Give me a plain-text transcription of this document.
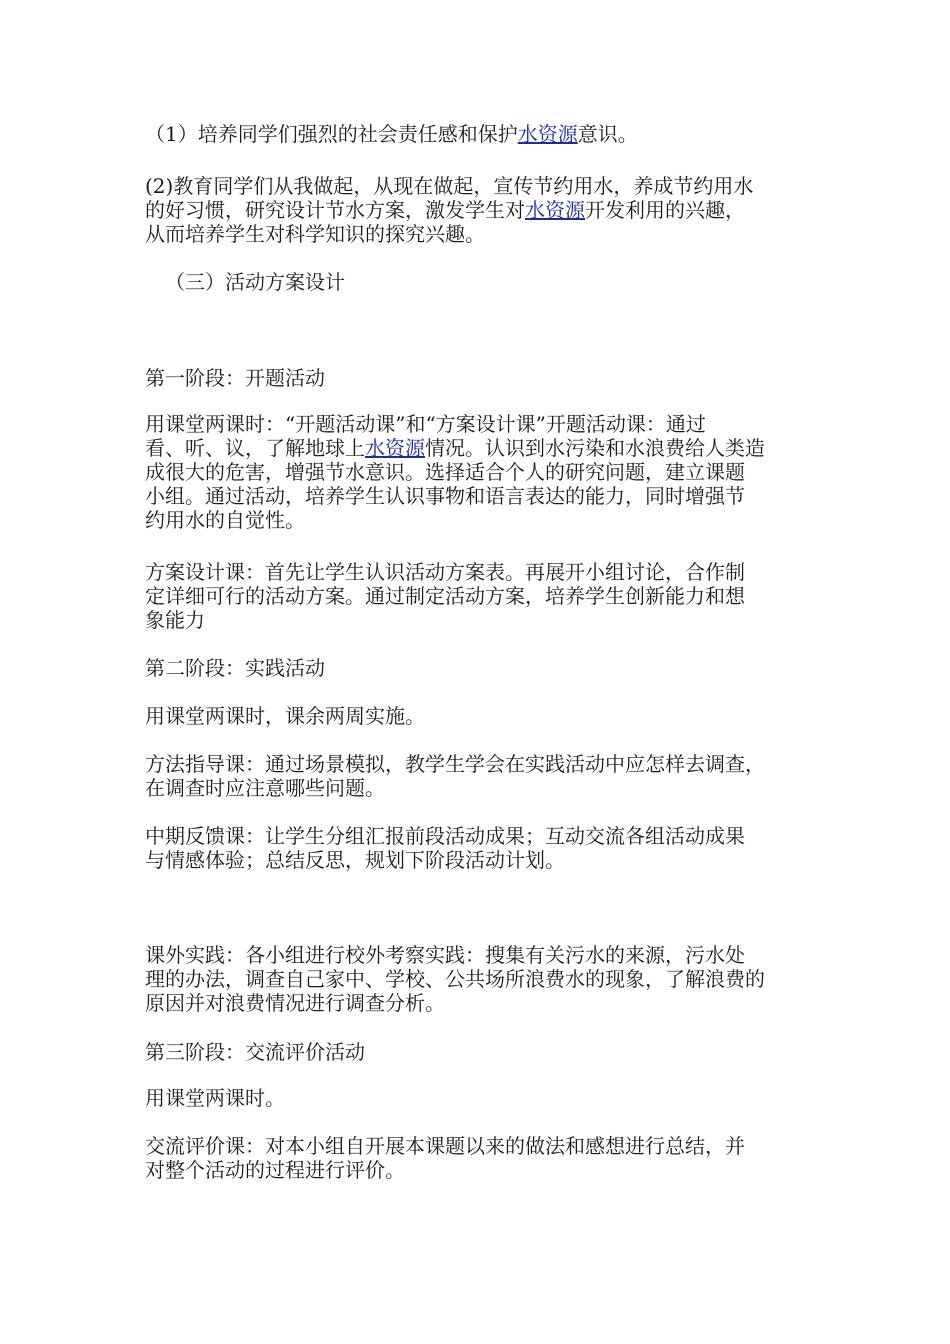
（1）培养同学们强烈的社会责任感和保护水资源意识。

(2)教育同学们从我做起，从现在做起，宣传节约用水，养成节约用水
的好习惯，研究设计节水方案，激发学生对水资源开发利用的兴趣，
从而培养学生对科学知识的探究兴趣。

（三）活动方案设计

第一阶段：开题活动

用课堂两课时：“开题活动课”和“方案设计课”开题活动课：通过
看、听、议，了解地球上水资源情况。认识到水污染和水浪费给人类造
成很大的危害，增强节水意识。选择适合个人的研究问题，建立课题
小组。通过活动，培养学生认识事物和语言表达的能力，同时增强节
约用水的自觉性。

方案设计课：首先让学生认识活动方案表。再展开小组讨论，合作制
定详细可行的活动方案。通过制定活动方案，培养学生创新能力和想
象能力

第二阶段：实践活动

用课堂两课时，课余两周实施。

方法指导课：通过场景模拟，教学生学会在实践活动中应怎样去调查，
在调查时应注意哪些问题。

中期反馈课：让学生分组汇报前段活动成果；互动交流各组活动成果
与情感体验；总结反思，规划下阶段活动计划。

课外实践：各小组进行校外考察实践：搜集有关污水的来源，污水处
理的办法，调查自己家中、学校、公共场所浪费水的现象，了解浪费的
原因并对浪费情况进行调查分析。

第三阶段：交流评价活动

用课堂两课时。

交流评价课：对本小组自开展本课题以来的做法和感想进行总结，并
对整个活动的过程进行评价。
